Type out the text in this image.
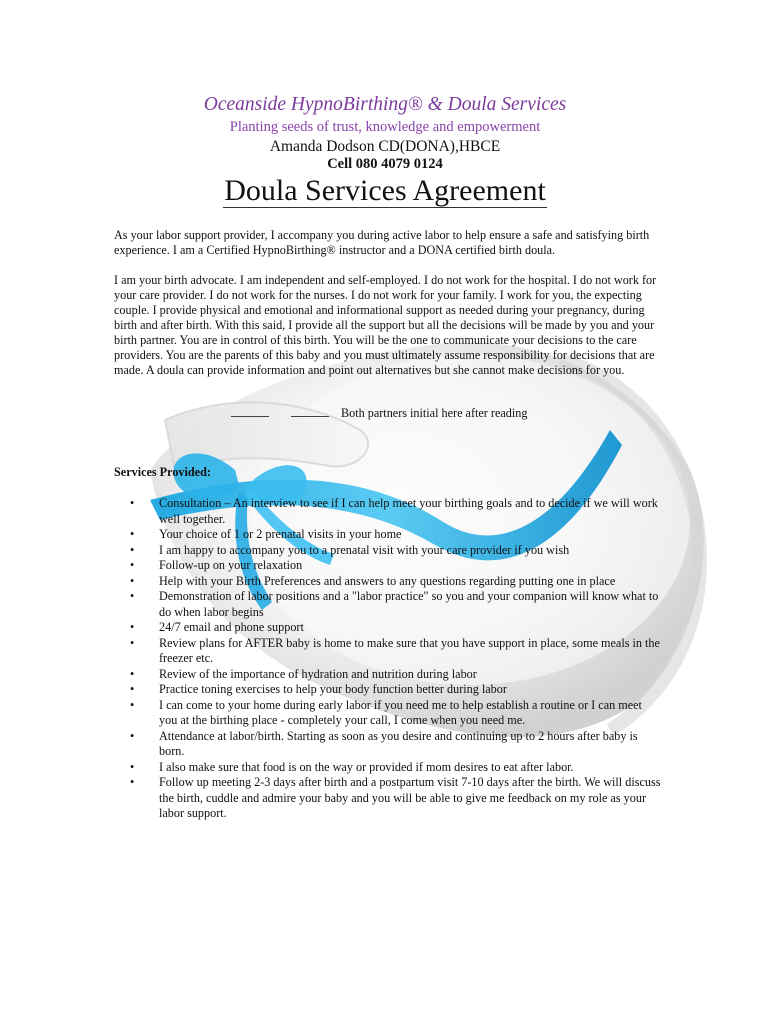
Oceanside HypnoBirthing® & Doula Services
Planting seeds of trust, knowledge and empowerment
Amanda Dodson CD(DONA),HBCE
Cell 080 4079 0124
Doula Services Agreement

As your labor support provider, I accompany you during active labor to help ensure a safe and satisfying birth experience. I am a Certified HypnoBirthing® instructor and a DONA certified birth doula.

I am your birth advocate. I am independent and self-employed. I do not work for the hospital. I do not work for your care provider. I do not work for the nurses. I do not work for your family. I work for you, the expecting couple. I provide physical and emotional and informational support as needed during your pregnancy, during birth and after birth. With this said, I provide all the support but all the decisions will be made by you and your birth partner. You are in control of this birth. You will be the one to communicate your decisions to the care providers. You are the parents of this baby and you must ultimately assume responsibility for decisions that are made. A doula can provide information and point out alternatives but she cannot make decisions for you.

Both partners initial here after reading
Services Provided:
• Consultation – An interview to see if I can help meet your birthing goals and to decide if we will work well together.
• Your choice of 1 or 2 prenatal visits in your home
• I am happy to accompany you to a prenatal visit with your care provider if you wish
• Follow-up on your relaxation
• Help with your Birth Preferences and answers to any questions regarding putting one in place
• Demonstration of labor positions and a "labor practice" so you and your companion will know what to do when labor begins
• 24/7 email and phone support
• Review plans for AFTER baby is home to make sure that you have support in place, some meals in the freezer etc.
• Review of the importance of hydration and nutrition during labor
• Practice toning exercises to help your body function better during labor
• I can come to your home during early labor if you need me to help establish a routine or I can meet you at the birthing place - completely your call, I come when you need me.
• Attendance at labor/birth. Starting as soon as you desire and continuing up to 2 hours after baby is born.
• I also make sure that food is on the way or provided if mom desires to eat after labor.
• Follow up meeting 2-3 days after birth and a postpartum visit 7-10 days after the birth. We will discuss the birth, cuddle and admire your baby and you will be able to give me feedback on my role as your labor support.
